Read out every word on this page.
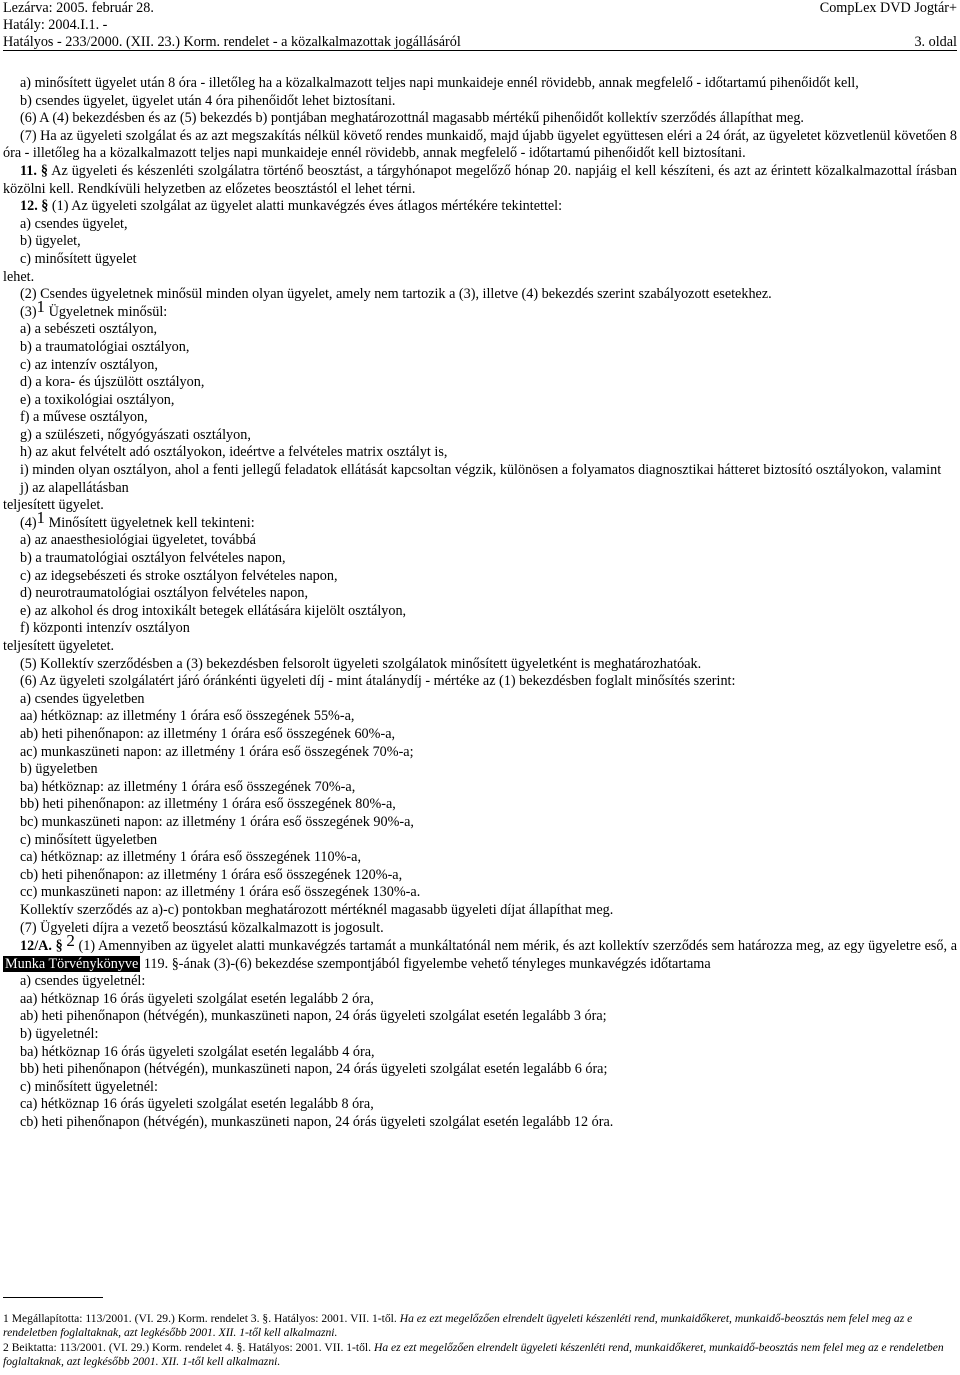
Lezárva: 2005. február 28.
Hatály: 2004.I.1. -
Hatályos - 233/2000. (XII. 23.) Korm. rendelet - a közalkalmazottak jogállásáról
CompLex DVD Jogtár+
3. oldal

a) minősített ügyelet után 8 óra - illetőleg ha a közalkalmazott teljes napi munkaideje ennél rövidebb, annak megfelelő - időtartamú pihenőidőt kell,

b) csendes ügyelet, ügyelet után 4 óra pihenőidőt lehet biztosítani.

(6) A (4) bekezdésben és az (5) bekezdés b) pontjában meghatározottnál magasabb mértékű pihenőidőt kollektív szerződés állapíthat meg.

(7) Ha az ügyeleti szolgálat és az azt megszakítás nélkül követő rendes munkaidő, majd újabb ügyelet együttesen eléri a 24 órát, az ügyeletet közvetlenül követően 8 óra - illetőleg ha a közalkalmazott teljes napi munkaideje ennél rövidebb, annak megfelelő - időtartamú pihenőidőt kell biztosítani.

11. § Az ügyeleti és készenléti szolgálatra történő beosztást, a tárgyhónapot megelőző hónap 20. napjáig el kell készíteni, és azt az érintett közalkalmazottal írásban közölni kell. Rendkívüli helyzetben az előzetes beosztástól el lehet térni.

12. § (1) Az ügyeleti szolgálat az ügyelet alatti munkavégzés éves átlagos mértékére tekintettel:

a) csendes ügyelet,

b) ügyelet,

c) minősített ügyelet

lehet.

(2) Csendes ügyeletnek minősül minden olyan ügyelet, amely nem tartozik a (3), illetve (4) bekezdés szerint szabályozott esetekhez.

(3)$^1$ Ügyeletnek minősül:

a) a sebészeti osztályon,

b) a traumatológiai osztályon,

c) az intenzív osztályon,

d) a kora- és újszülött osztályon,

e) a toxikológiai osztályon,

f) a művese osztályon,

g) a szülészeti, nőgyógyászati osztályon,

h) az akut felvételt adó osztályokon, ideértve a felvételes matrix osztályt is,

i) minden olyan osztályon, ahol a fenti jellegű feladatok ellátását kapcsoltan végzik, különösen a folyamatos diagnosztikai hátteret biztosító osztályokon, valamint

j) az alapellátásban

teljesített ügyelet.

(4)$^1$ Minősített ügyeletnek kell tekinteni:

a) az anaesthesiológiai ügyeletet, továbbá

b) a traumatológiai osztályon felvételes napon,

c) az idegsebészeti és stroke osztályon felvételes napon,

d) neurotraumatológiai osztályon felvételes napon,

e) az alkohol és drog intoxikált betegek ellátására kijelölt osztályon,

f) központi intenzív osztályon

teljesített ügyeletet.

(5) Kollektív szerződésben a (3) bekezdésben felsorolt ügyeleti szolgálatok minősített ügyeletként is meghatározhatóak.

(6) Az ügyeleti szolgálatért járó óránkénti ügyeleti díj - mint átalánydíj - mértéke az (1) bekezdésben foglalt minősítés szerint:

a) csendes ügyeletben

aa) hétköznap: az illetmény 1 órára eső összegének 55%-a,

ab) heti pihenőnapon: az illetmény 1 órára eső összegének 60%-a,

ac) munkaszüneti napon: az illetmény 1 órára eső összegének 70%-a;

b) ügyeletben

ba) hétköznap: az illetmény 1 órára eső összegének 70%-a,

bb) heti pihenőnapon: az illetmény 1 órára eső összegének 80%-a,

bc) munkaszüneti napon: az illetmény 1 órára eső összegének 90%-a,

c) minősített ügyeletben

ca) hétköznap: az illetmény 1 órára eső összegének 110%-a,

cb) heti pihenőnapon: az illetmény 1 órára eső összegének 120%-a,

cc) munkaszüneti napon: az illetmény 1 órára eső összegének 130%-a.

Kollektív szerződés az a)-c) pontokban meghatározott mértéknél magasabb ügyeleti díjat állapíthat meg.

(7) Ügyeleti díjra a vezető beosztású közalkalmazott is jogosult.

12/A. § $^2$ (1) Amennyiben az ügyelet alatti munkavégzés tartamát a munkáltatónál nem mérik, és azt kollektív szerződés sem határozza meg, az egy ügyeletre eső, a Munka Törvénykönyve 119. §-ának (3)-(6) bekezdése szempontjából figyelembe vehető tényleges munkavégzés időtartama

a) csendes ügyeletnél:

aa) hétköznap 16 órás ügyeleti szolgálat esetén legalább 2 óra,

ab) heti pihenőnapon (hétvégén), munkaszüneti napon, 24 órás ügyeleti szolgálat esetén legalább 3 óra;

b) ügyeletnél:

ba) hétköznap 16 órás ügyeleti szolgálat esetén legalább 4 óra,

bb) heti pihenőnapon (hétvégén), munkaszüneti napon, 24 órás ügyeleti szolgálat esetén legalább 6 óra;

c) minősített ügyeletnél:

ca) hétköznap 16 órás ügyeleti szolgálat esetén legalább 8 óra,

cb) heti pihenőnapon (hétvégén), munkaszüneti napon, 24 órás ügyeleti szolgálat esetén legalább 12 óra.

1 Megállapította: 113/2001. (VI. 29.) Korm. rendelet 3. §. Hatályos: 2001. VII. 1-től. Ha ez ezt megelőzően elrendelt ügyeleti készenléti rend, munkaidőkeret, munkaidő-beosztás nem felel meg az e rendeletben foglaltaknak, azt legkésőbb 2001. XII. 1-től kell alkalmazni.

2 Beiktatta: 113/2001. (VI. 29.) Korm. rendelet 4. §. Hatályos: 2001. VII. 1-től. Ha ez ezt megelőzően elrendelt ügyeleti készenléti rend, munkaidőkeret, munkaidő-beosztás nem felel meg az e rendeletben foglaltaknak, azt legkésőbb 2001. XII. 1-től kell alkalmazni.
